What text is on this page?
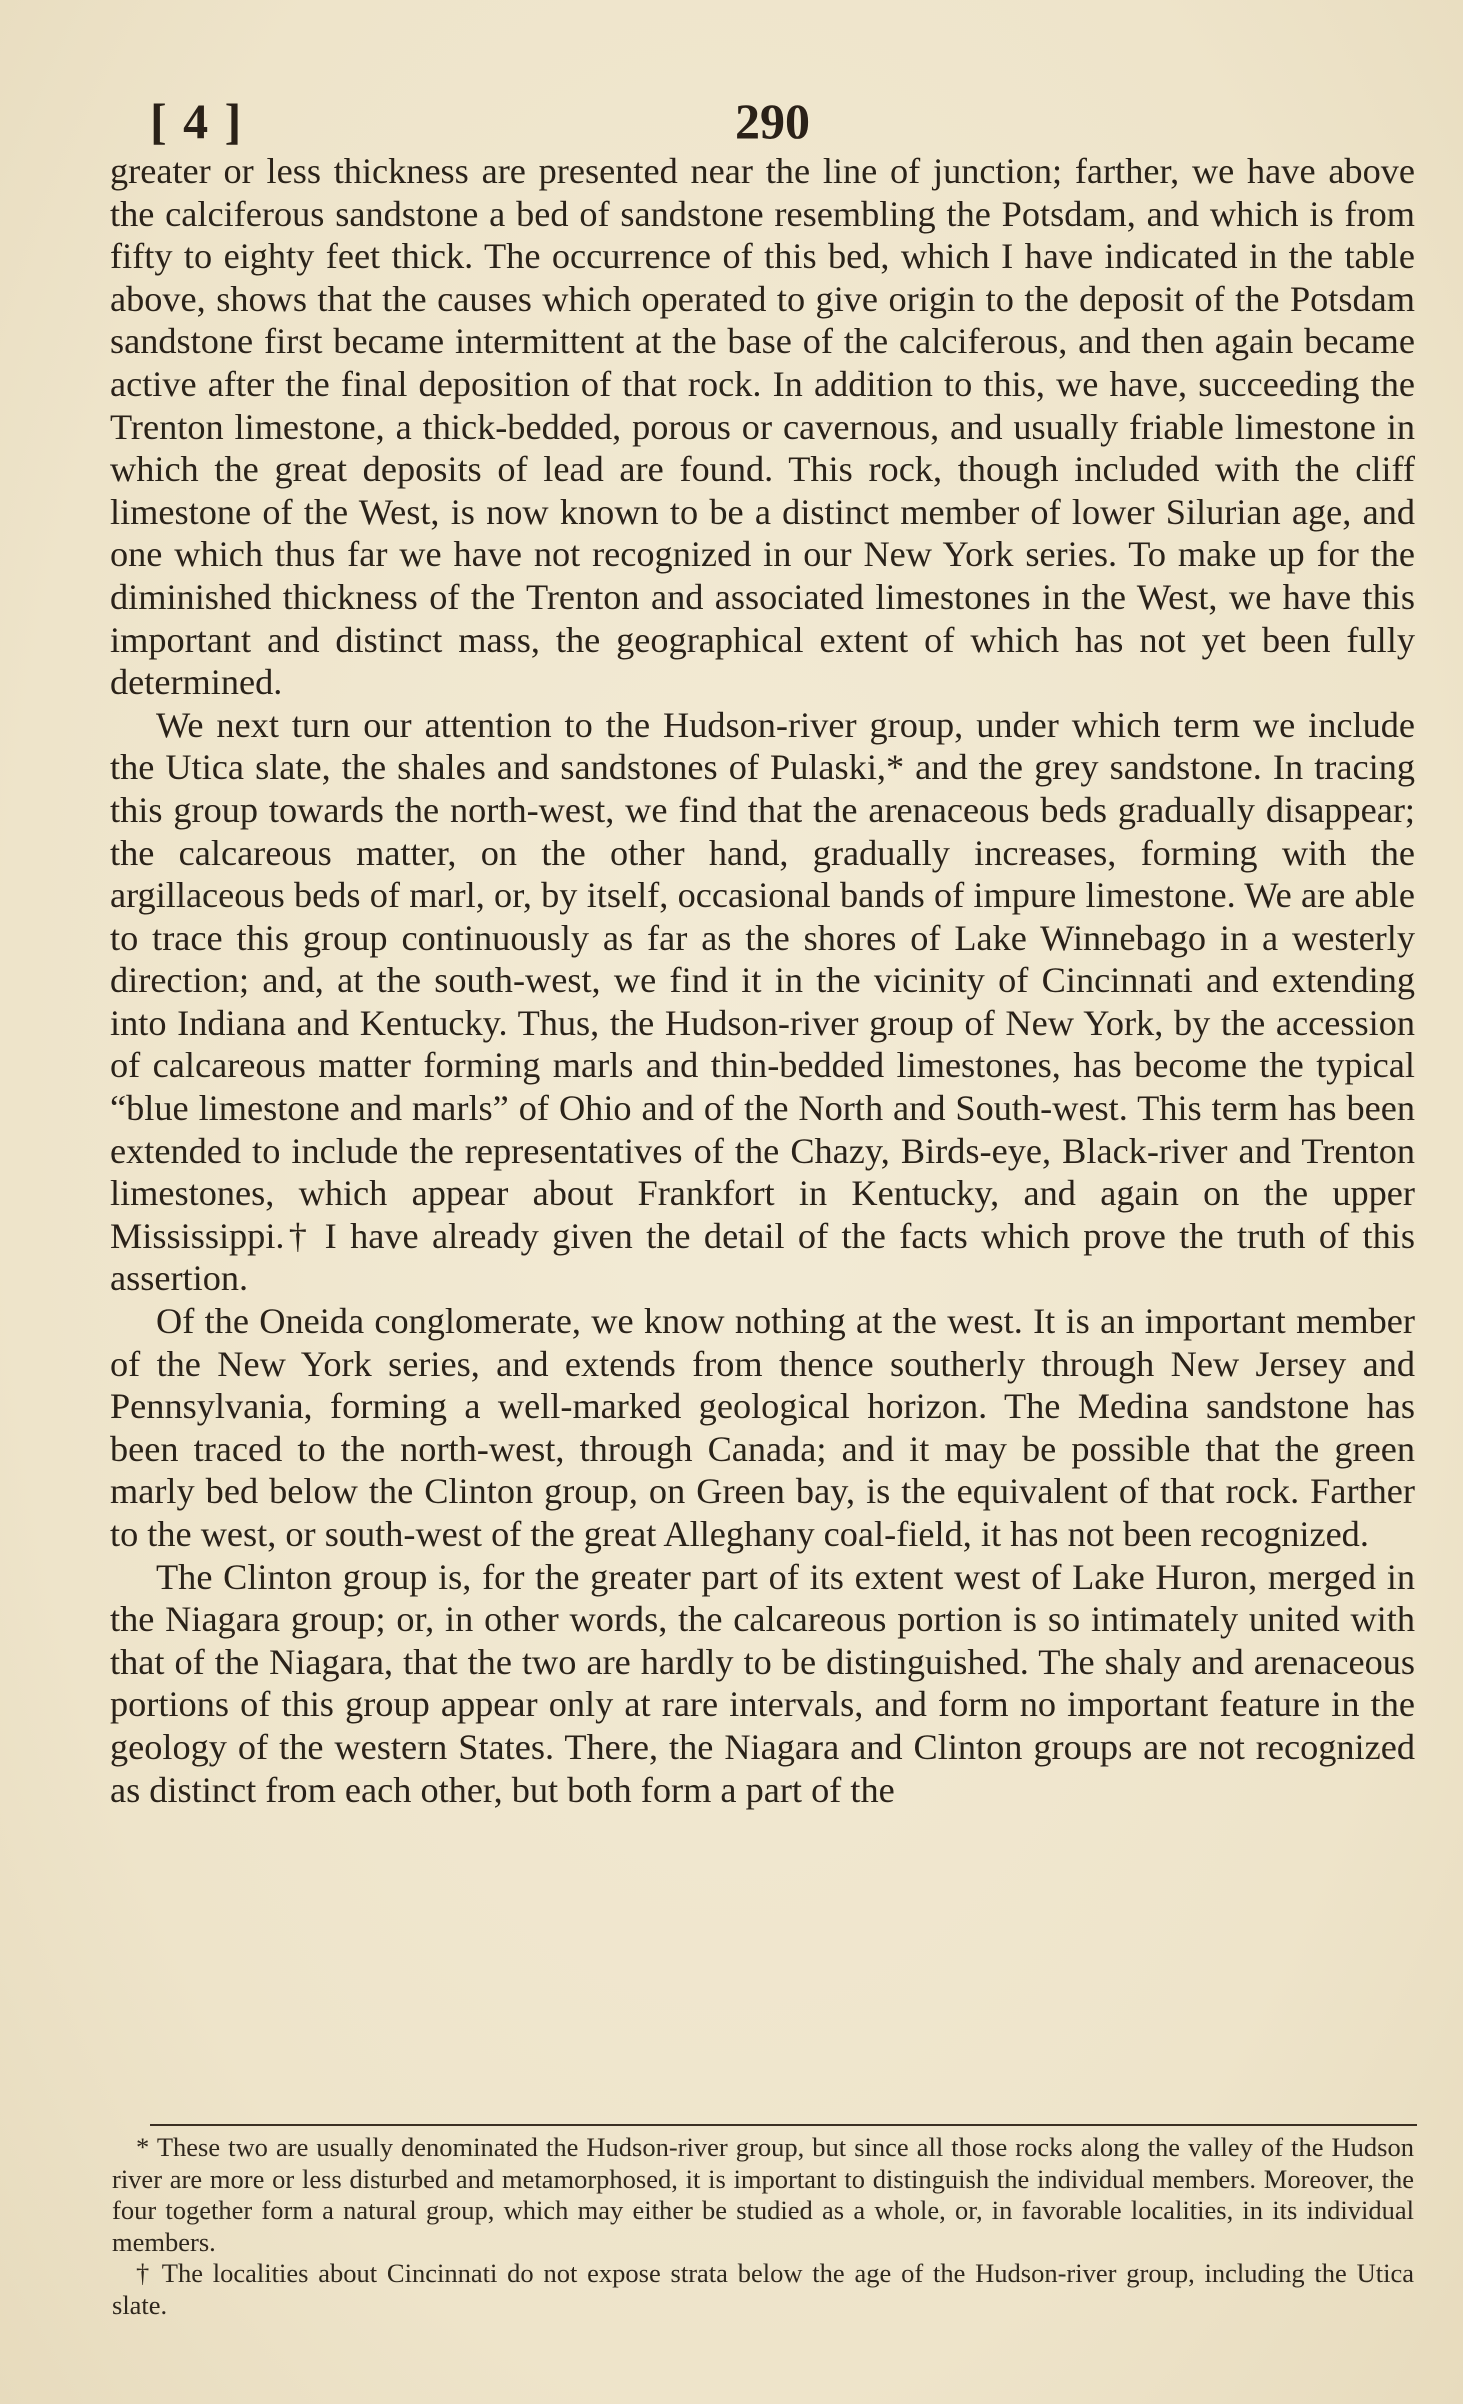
[ 4 ]	290

greater or less thickness are presented near the line of junction; farther, we have above the calciferous sandstone a bed of sandstone resembling the Potsdam, and which is from fifty to eighty feet thick. The occurrence of this bed, which I have indicated in the table above, shows that the causes which operated to give origin to the deposit of the Potsdam sandstone first became intermittent at the base of the calciferous, and then again became active after the final deposition of that rock. In addition to this, we have, succeeding the Trenton limestone, a thick-bedded, porous or cavernous, and usually friable limestone in which the great deposits of lead are found. This rock, though included with the cliff limestone of the West, is now known to be a distinct member of lower Silurian age, and one which thus far we have not recognized in our New York series. To make up for the diminished thickness of the Trenton and associated limestones in the West, we have this important and distinct mass, the geographical extent of which has not yet been fully determined.

We next turn our attention to the Hudson-river group, under which term we include the Utica slate, the shales and sandstones of Pulaski,* and the grey sandstone. In tracing this group towards the north-west, we find that the arenaceous beds gradually disappear; the calcareous matter, on the other hand, gradually increases, forming with the argillaceous beds of marl, or, by itself, occasional bands of impure limestone. We are able to trace this group continuously as far as the shores of Lake Winnebago in a westerly direction; and, at the south-west, we find it in the vicinity of Cincinnati and extending into Indiana and Kentucky. Thus, the Hudson-river group of New York, by the accession of calcareous matter forming marls and thin-bedded limestones, has become the typical “blue limestone and marls” of Ohio and of the North and South-west. This term has been extended to include the representatives of the Chazy, Birds-eye, Black-river and Trenton limestones, which appear about Frankfort in Kentucky, and again on the upper Mississippi.† I have already given the detail of the facts which prove the truth of this assertion.

Of the Oneida conglomerate, we know nothing at the west. It is an important member of the New York series, and extends from thence southerly through New Jersey and Pennsylvania, forming a well-marked geological horizon. The Medina sandstone has been traced to the north-west, through Canada; and it may be possible that the green marly bed below the Clinton group, on Green bay, is the equivalent of that rock. Farther to the west, or south-west of the great Alleghany coal-field, it has not been recognized.

The Clinton group is, for the greater part of its extent west of Lake Huron, merged in the Niagara group; or, in other words, the calcareous portion is so intimately united with that of the Niagara, that the two are hardly to be distinguished. The shaly and arenaceous portions of this group appear only at rare intervals, and form no important feature in the geology of the western States. There, the Niagara and Clinton groups are not recognized as distinct from each other, but both form a part of the

* These two are usually denominated the Hudson-river group, but since all those rocks along the valley of the Hudson river are more or less disturbed and metamorphosed, it is important to distinguish the individual members. Moreover, the four together form a natural group, which may either be studied as a whole, or, in favorable localities, in its individual members.

† The localities about Cincinnati do not expose strata below the age of the Hudson-river group, including the Utica slate.
